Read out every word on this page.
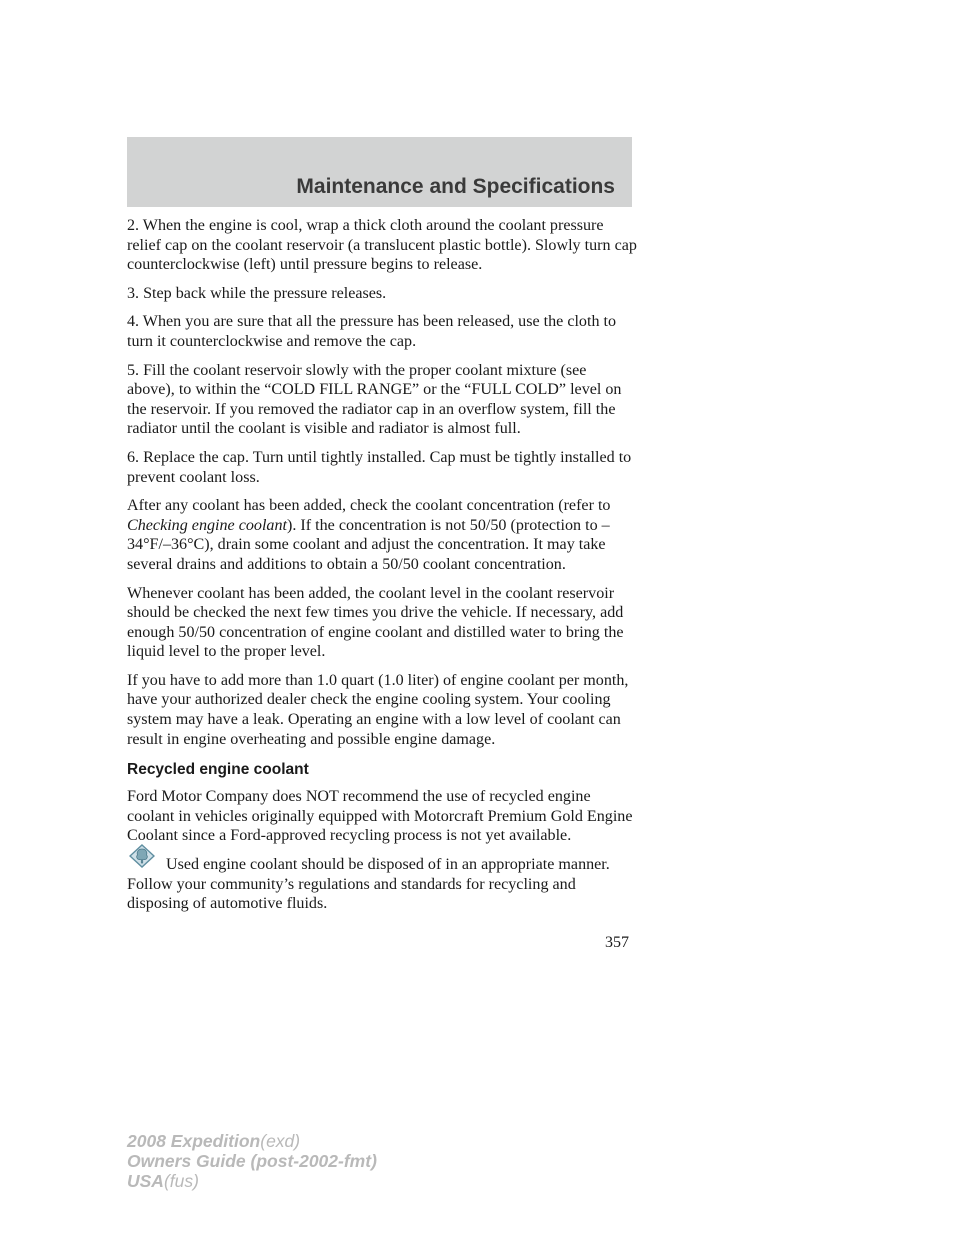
Maintenance and Specifications

2. When the engine is cool, wrap a thick cloth around the coolant pressure relief cap on the coolant reservoir (a translucent plastic bottle). Slowly turn cap counterclockwise (left) until pressure begins to release.

3. Step back while the pressure releases.

4. When you are sure that all the pressure has been released, use the cloth to turn it counterclockwise and remove the cap.

5. Fill the coolant reservoir slowly with the proper coolant mixture (see above), to within the “COLD FILL RANGE” or the “FULL COLD” level on the reservoir. If you removed the radiator cap in an overflow system, fill the radiator until the coolant is visible and radiator is almost full.

6. Replace the cap. Turn until tightly installed. Cap must be tightly installed to prevent coolant loss.

After any coolant has been added, check the coolant concentration (refer to Checking engine coolant). If the concentration is not 50/50 (protection to –34°F/–36°C), drain some coolant and adjust the concentration. It may take several drains and additions to obtain a 50/50 coolant concentration.

Whenever coolant has been added, the coolant level in the coolant reservoir should be checked the next few times you drive the vehicle. If necessary, add enough 50/50 concentration of engine coolant and distilled water to bring the liquid level to the proper level.

If you have to add more than 1.0 quart (1.0 liter) of engine coolant per month, have your authorized dealer check the engine cooling system. Your cooling system may have a leak. Operating an engine with a low level of coolant can result in engine overheating and possible engine damage.

Recycled engine coolant

Ford Motor Company does NOT recommend the use of recycled engine coolant in vehicles originally equipped with Motorcraft Premium Gold Engine Coolant since a Ford-approved recycling process is not yet available.

Used engine coolant should be disposed of in an appropriate manner. Follow your community’s regulations and standards for recycling and disposing of automotive fluids.

357
2008 Expedition(exd)
Owners Guide (post-2002-fmt)
USA(fus)
